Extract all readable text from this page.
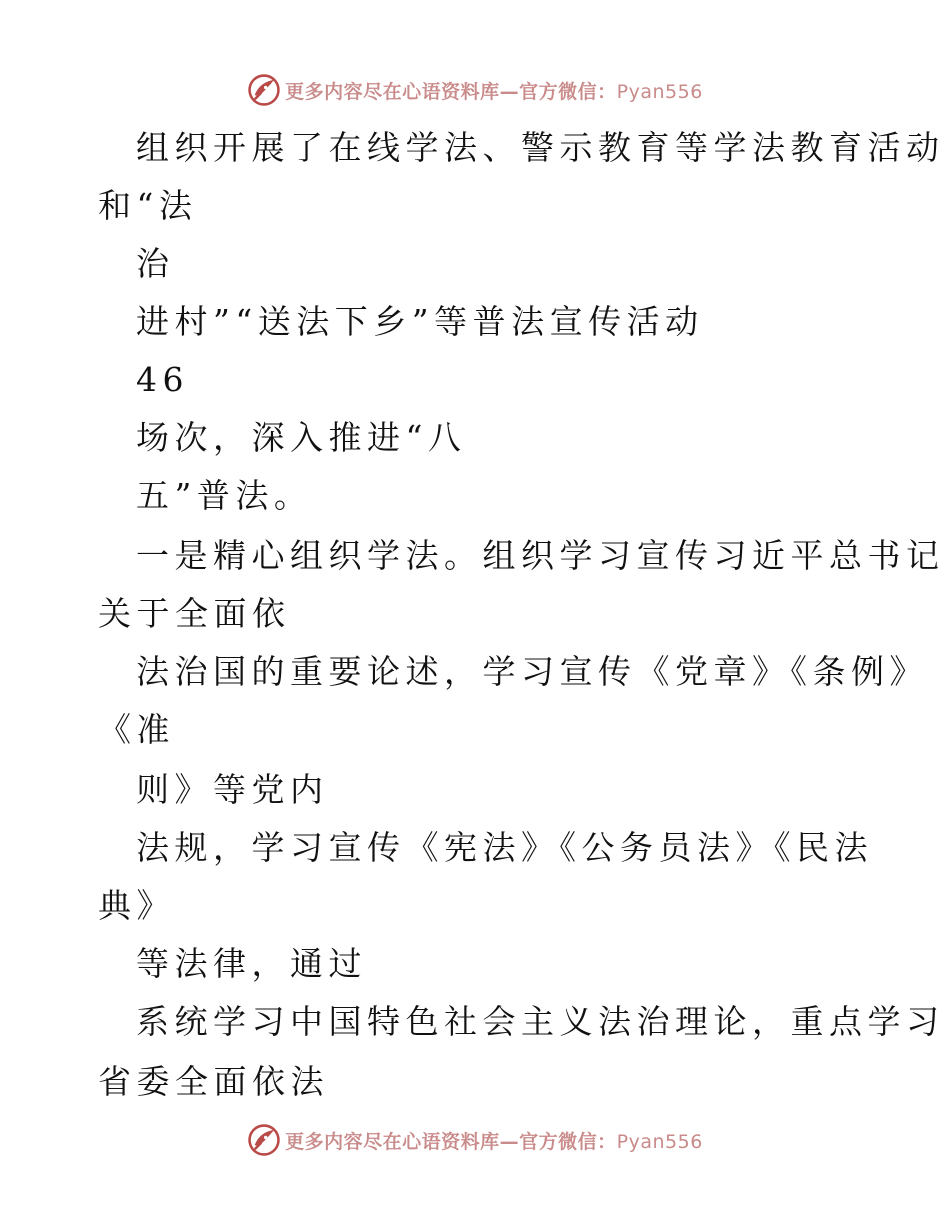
更多内容尽在心语资料库—官方微信：Pyan556
组织开展了在线学法、警示教育等学法教育活动
和“法
治
进村”“送法下乡”等普法宣传活动
46
场次，深入推进“八
五”普法。
一是精心组织学法。组织学习宣传习近平总书记
关于全面依
法治国的重要论述，学习宣传《党章》《条例》
《准
则》等党内
法规，学习宣传《宪法》《公务员法》《民法
典》
等法律，通过
系统学习中国特色社会主义法治理论，重点学习
省委全面依法
更多内容尽在心语资料库—官方微信：Pyan556
